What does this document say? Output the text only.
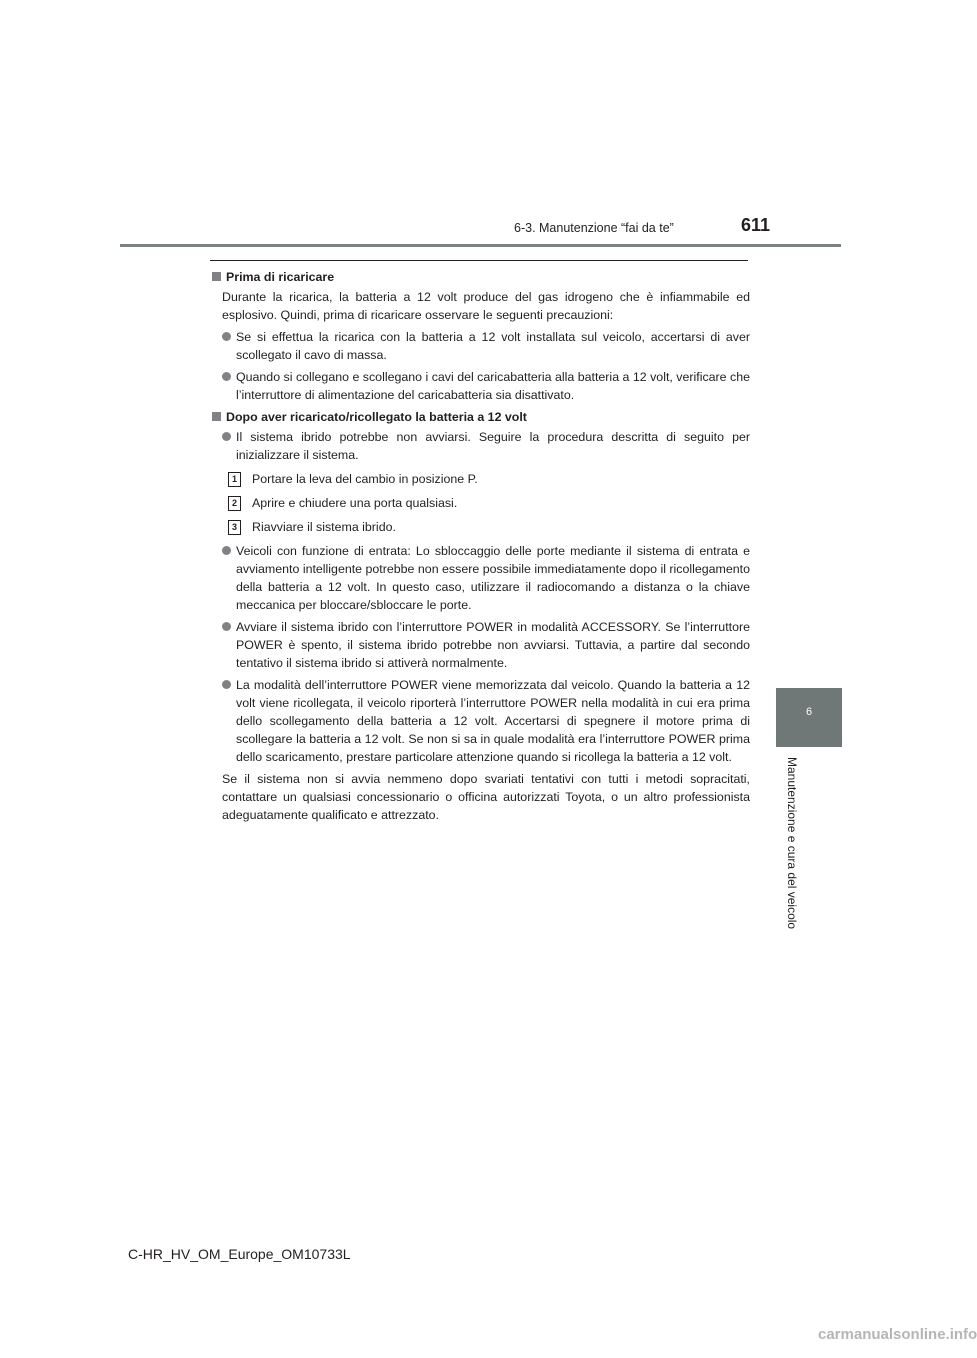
6-3. Manutenzione “fai da te”	611
6
Manutenzione e cura del veicolo
Prima di ricaricare

Durante la ricarica, la batteria a 12 volt produce del gas idrogeno che è infiammabile ed esplosivo. Quindi, prima di ricaricare osservare le seguenti precauzioni:

Se si effettua la ricarica con la batteria a 12 volt installata sul veicolo, accertarsi di aver scollegato il cavo di massa.
Quando si collegano e scollegano i cavi del caricabatteria alla batteria a 12 volt, verificare che l’interruttore di alimentazione del caricabatteria sia disattivato.
Dopo aver ricaricato/ricollegato la batteria a 12 volt
Il sistema ibrido potrebbe non avviarsi. Seguire la procedura descritta di seguito per inizializzare il sistema.
1	Portare la leva del cambio in posizione P.
2	Aprire e chiudere una porta qualsiasi.
3	Riavviare il sistema ibrido.
Veicoli con funzione di entrata: Lo sbloccaggio delle porte mediante il sistema di entrata e avviamento intelligente potrebbe non essere possibile immediatamente dopo il ricollegamento della batteria a 12 volt. In questo caso, utilizzare il radiocomando a distanza o la chiave meccanica per bloccare/sbloccare le porte.
Avviare il sistema ibrido con l’interruttore POWER in modalità ACCESSORY. Se l’interruttore POWER è spento, il sistema ibrido potrebbe non avviarsi. Tuttavia, a partire dal secondo tentativo il sistema ibrido si attiverà normalmente.
La modalità dell’interruttore POWER viene memorizzata dal veicolo. Quando la batteria a 12 volt viene ricollegata, il veicolo riporterà l’interruttore POWER nella modalità in cui era prima dello scollegamento della batteria a 12 volt. Accertarsi di spegnere il motore prima di scollegare la batteria a 12 volt. Se non si sa in quale modalità era l’interruttore POWER prima dello scaricamento, prestare particolare attenzione quando si ricollega la batteria a 12 volt.

Se il sistema non si avvia nemmeno dopo svariati tentativi con tutti i metodi sopracitati, contattare un qualsiasi concessionario o officina autorizzati Toyota, o un altro professionista adeguatamente qualificato e attrezzato.

C-HR_HV_OM_Europe_OM10733L
carmanualsonline.info
